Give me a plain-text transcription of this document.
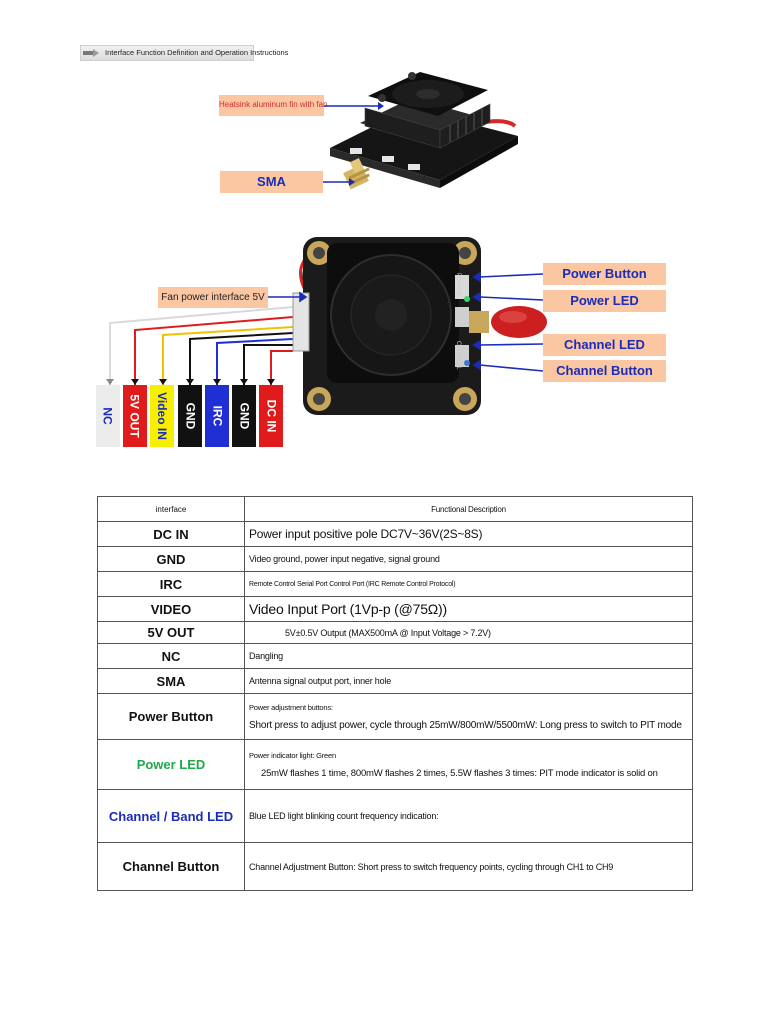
Interface Function Definition and Operation Instructions
Heatsink aluminum fin with fan
SMA
POWER
CHANNEL
Power Button
Power LED
Channel LED
Channel Button
Fan power interface 5V
NC 5V OUT Video IN GND IRC GND DC IN
interface	Functional Description
DC IN	Power input positive pole DC7V~36V(2S~8S)
GND	Video ground, power input negative, signal ground
IRC	Remote Control Serial Port Control Port (IRC Remote Control Protocol)
VIDEO	Video Input Port (1Vp-p (@75Ω))
5V OUT	5V±0.5V Output (MAX500mA @ Input Voltage > 7.2V)
NC	Dangling
SMA	Antenna signal output port, inner hole
Power Button	Power adjustment buttons:
Short press to adjust power, cycle through 25mW/800mW/5500mW: Long press to switch to PIT mode

Power LED	Power indicator light: Green
25mW flashes 1 time, 800mW flashes 2 times, 5.5W flashes 3 times: PIT mode indicator is solid on

Channel / Band LED	Blue LED light blinking count frequency indication:
Channel Button	Channel Adjustment Button: Short press to switch frequency points, cycling through CH1 to CH9
